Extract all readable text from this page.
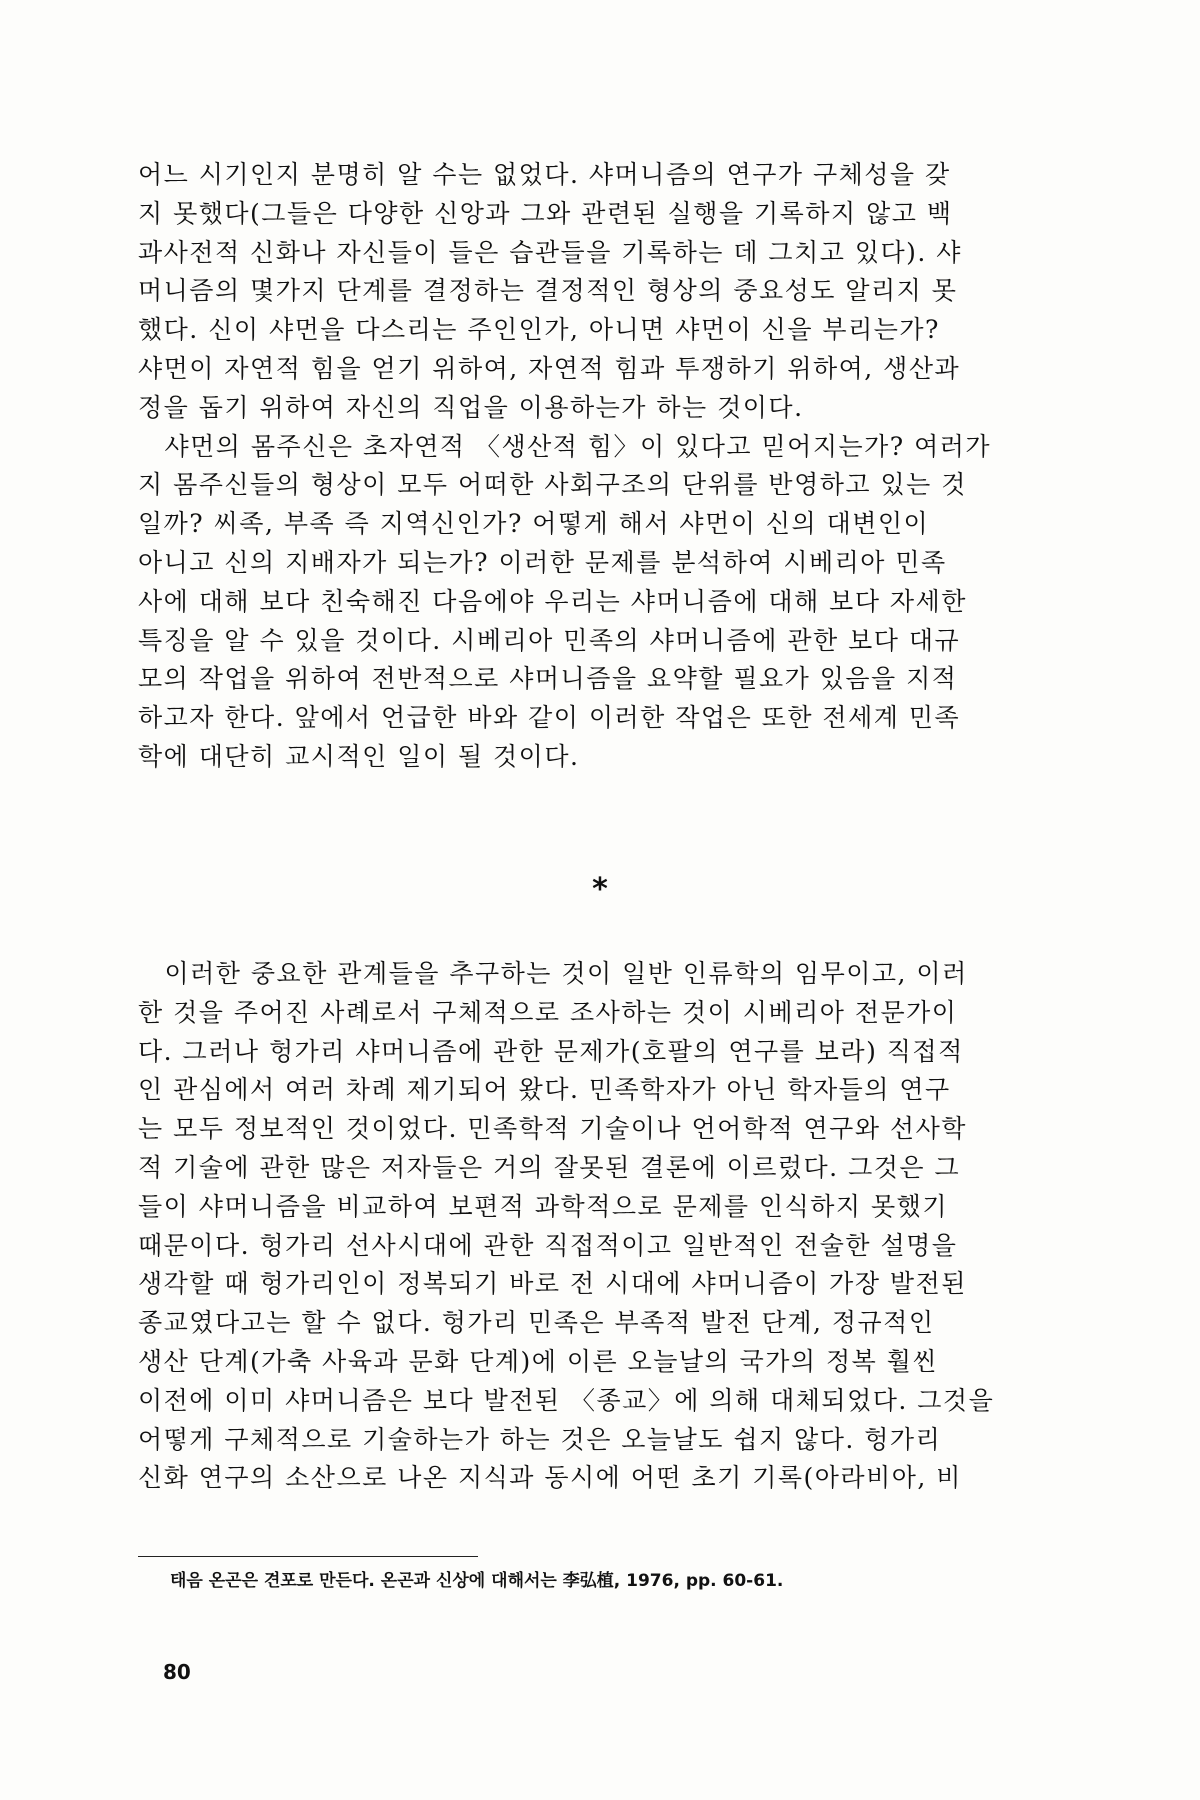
어느 시기인지 분명히 알 수는 없었다. 샤머니즘의 연구가 구체성을 갖
지 못했다(그들은 다양한 신앙과 그와 관련된 실행을 기록하지 않고 백
과사전적 신화나 자신들이 들은 습관들을 기록하는 데 그치고 있다). 샤
머니즘의 몇가지 단계를 결정하는 결정적인 형상의 중요성도 알리지 못
했다. 신이 샤먼을 다스리는 주인인가, 아니면 샤먼이 신을 부리는가?
샤먼이 자연적 힘을 얻기 위하여, 자연적 힘과 투쟁하기 위하여, 생산과
정을 돕기 위하여 자신의 직업을 이용하는가 하는 것이다.
　샤먼의 몸주신은 초자연적 〈생산적 힘〉이 있다고 믿어지는가? 여러가
지 몸주신들의 형상이 모두 어떠한 사회구조의 단위를 반영하고 있는 것
일까? 씨족, 부족 즉 지역신인가? 어떻게 해서 샤먼이 신의 대변인이
아니고 신의 지배자가 되는가? 이러한 문제를 분석하여 시베리아 민족
사에 대해 보다 친숙해진 다음에야 우리는 샤머니즘에 대해 보다 자세한
특징을 알 수 있을 것이다. 시베리아 민족의 샤머니즘에 관한 보다 대규
모의 작업을 위하여 전반적으로 샤머니즘을 요약할 필요가 있음을 지적
하고자 한다. 앞에서 언급한 바와 같이 이러한 작업은 또한 전세계 민족
학에 대단히 교시적인 일이 될 것이다.
*
　이러한 중요한 관계들을 추구하는 것이 일반 인류학의 임무이고, 이러
한 것을 주어진 사례로서 구체적으로 조사하는 것이 시베리아 전문가이
다. 그러나 헝가리 샤머니즘에 관한 문제가(호팔의 연구를 보라) 직접적
인 관심에서 여러 차례 제기되어 왔다. 민족학자가 아닌 학자들의 연구
는 모두 정보적인 것이었다. 민족학적 기술이나 언어학적 연구와 선사학
적 기술에 관한 많은 저자들은 거의 잘못된 결론에 이르렀다. 그것은 그
들이 샤머니즘을 비교하여 보편적 과학적으로 문제를 인식하지 못했기
때문이다. 헝가리 선사시대에 관한 직접적이고 일반적인 전술한 설명을
생각할 때 헝가리인이 정복되기 바로 전 시대에 샤머니즘이 가장 발전된
종교였다고는 할 수 없다. 헝가리 민족은 부족적 발전 단계, 정규적인
생산 단계(가축 사육과 문화 단계)에 이른 오늘날의 국가의 정복 훨씬
이전에 이미 샤머니즘은 보다 발전된 〈종교〉에 의해 대체되었다. 그것을
어떻게 구체적으로 기술하는가 하는 것은 오늘날도 쉽지 않다. 헝가리
신화 연구의 소산으로 나온 지식과 동시에 어떤 초기 기록(아라비아, 비
태음 온곤은 견포로 만든다. 온곤과 신상에 대해서는 李弘植, 1976, pp. 60-61.
80
